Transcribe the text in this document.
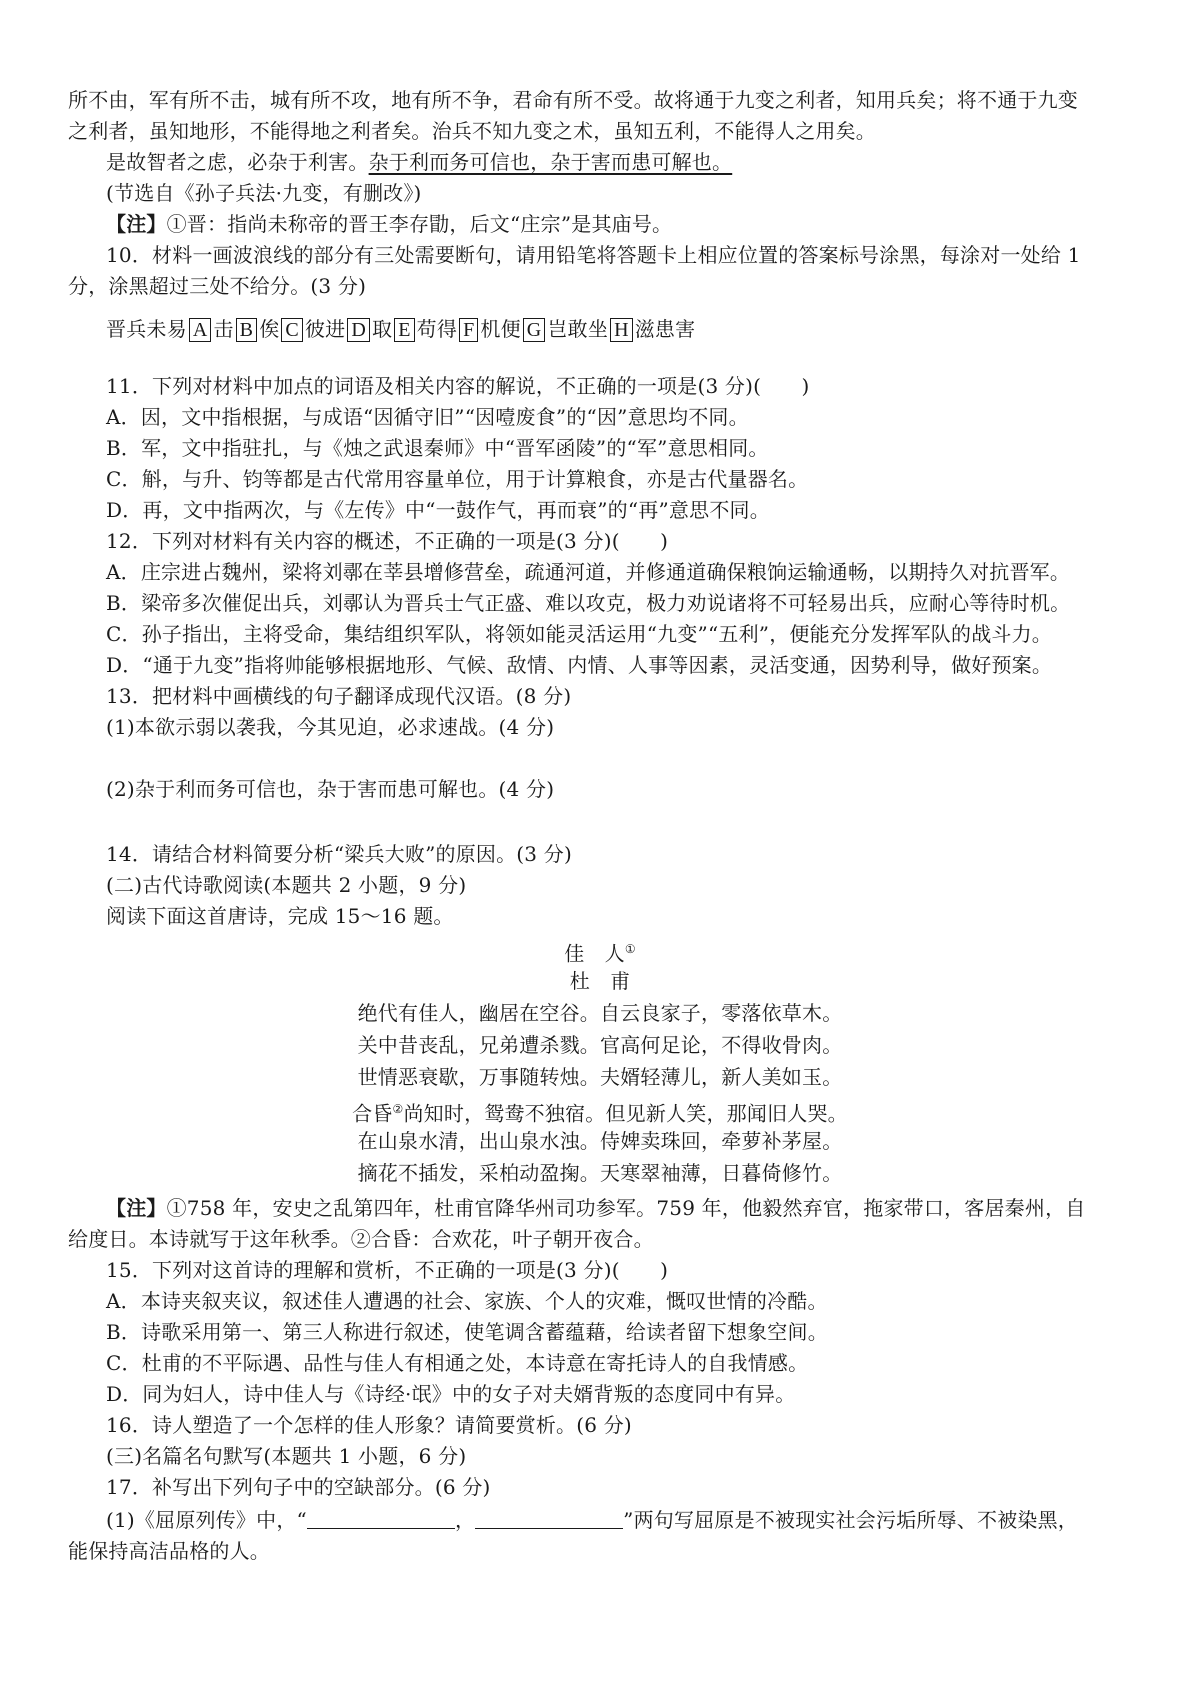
所不由，军有所不击，城有所不攻，地有所不争，君命有所不受。故将通于九变之利者，知用兵矣；将不通于九变
之利者，虽知地形，不能得地之利者矣。治兵不知九变之术，虽知五利，不能得人之用矣。
是故智者之虑，必杂于利害。杂于利而务可信也，杂于害而患可解也。
(节选自《孙子兵法·九变，有删改》)
【注】①晋：指尚未称帝的晋王李存勖，后文“庄宗”是其庙号。
10．材料一画波浪线的部分有三处需要断句，请用铅笔将答题卡上相应位置的答案标号涂黑，每涂对一处给 1
分，涂黑超过三处不给分。(3 分)
晋兵未易 A 击 B 俟 C 彼进 D 取 E 苟得 F 机便 G 岂敢坐 H 滋患害
11．下列对材料中加点的词语及相关内容的解说，不正确的一项是(3 分)(　　)
A．因，文中指根据，与成语“因循守旧”“因噎废食”的“因”意思均不同。
B．军，文中指驻扎，与《烛之武退秦师》中“晋军函陵”的“军”意思相同。
C．斛，与升、钧等都是古代常用容量单位，用于计算粮食，亦是古代量器名。
D．再，文中指两次，与《左传》中“一鼓作气，再而衰”的“再”意思不同。
12．下列对材料有关内容的概述，不正确的一项是(3 分)(　　)
A．庄宗进占魏州，梁将刘鄩在莘县增修营垒，疏通河道，并修通道确保粮饷运输通畅，以期持久对抗晋军。
B．梁帝多次催促出兵，刘鄩认为晋兵士气正盛、难以攻克，极力劝说诸将不可轻易出兵，应耐心等待时机。
C．孙子指出，主将受命，集结组织军队，将领如能灵活运用“九变”“五利”，便能充分发挥军队的战斗力。
D．“通于九变”指将帅能够根据地形、气候、敌情、内情、人事等因素，灵活变通，因势利导，做好预案。
13．把材料中画横线的句子翻译成现代汉语。(8 分)
(1)本欲示弱以袭我，今其见迫，必求速战。(4 分)
(2)杂于利而务可信也，杂于害而患可解也。(4 分)
14．请结合材料简要分析“梁兵大败”的原因。(3 分)
(二)古代诗歌阅读(本题共 2 小题，9 分)
阅读下面这首唐诗，完成 15～16 题。
佳　人①
杜　甫
绝代有佳人，幽居在空谷。自云良家子，零落依草木。
关中昔丧乱，兄弟遭杀戮。官高何足论，不得收骨肉。
世情恶衰歇，万事随转烛。夫婿轻薄儿，新人美如玉。
合昏②尚知时，鸳鸯不独宿。但见新人笑，那闻旧人哭。
在山泉水清，出山泉水浊。侍婢卖珠回，牵萝补茅屋。
摘花不插发，采柏动盈掬。天寒翠袖薄，日暮倚修竹。
【注】①758 年，安史之乱第四年，杜甫官降华州司功参军。759 年，他毅然弃官，拖家带口，客居秦州，自
给度日。本诗就写于这年秋季。②合昏：合欢花，叶子朝开夜合。
15．下列对这首诗的理解和赏析，不正确的一项是(3 分)(　　)
A．本诗夹叙夹议，叙述佳人遭遇的社会、家族、个人的灾难，慨叹世情的冷酷。
B．诗歌采用第一、第三人称进行叙述，使笔调含蓄蕴藉，给读者留下想象空间。
C．杜甫的不平际遇、品性与佳人有相通之处，本诗意在寄托诗人的自我情感。
D．同为妇人，诗中佳人与《诗经·氓》中的女子对夫婿背叛的态度同中有异。
16．诗人塑造了一个怎样的佳人形象？请简要赏析。(6 分)
(三)名篇名句默写(本题共 1 小题，6 分)
17．补写出下列句子中的空缺部分。(6 分)
(1)《屈原列传》中，“	，	”两句写屈原是不被现实社会污垢所辱、不被染黑，
能保持高洁品格的人。
